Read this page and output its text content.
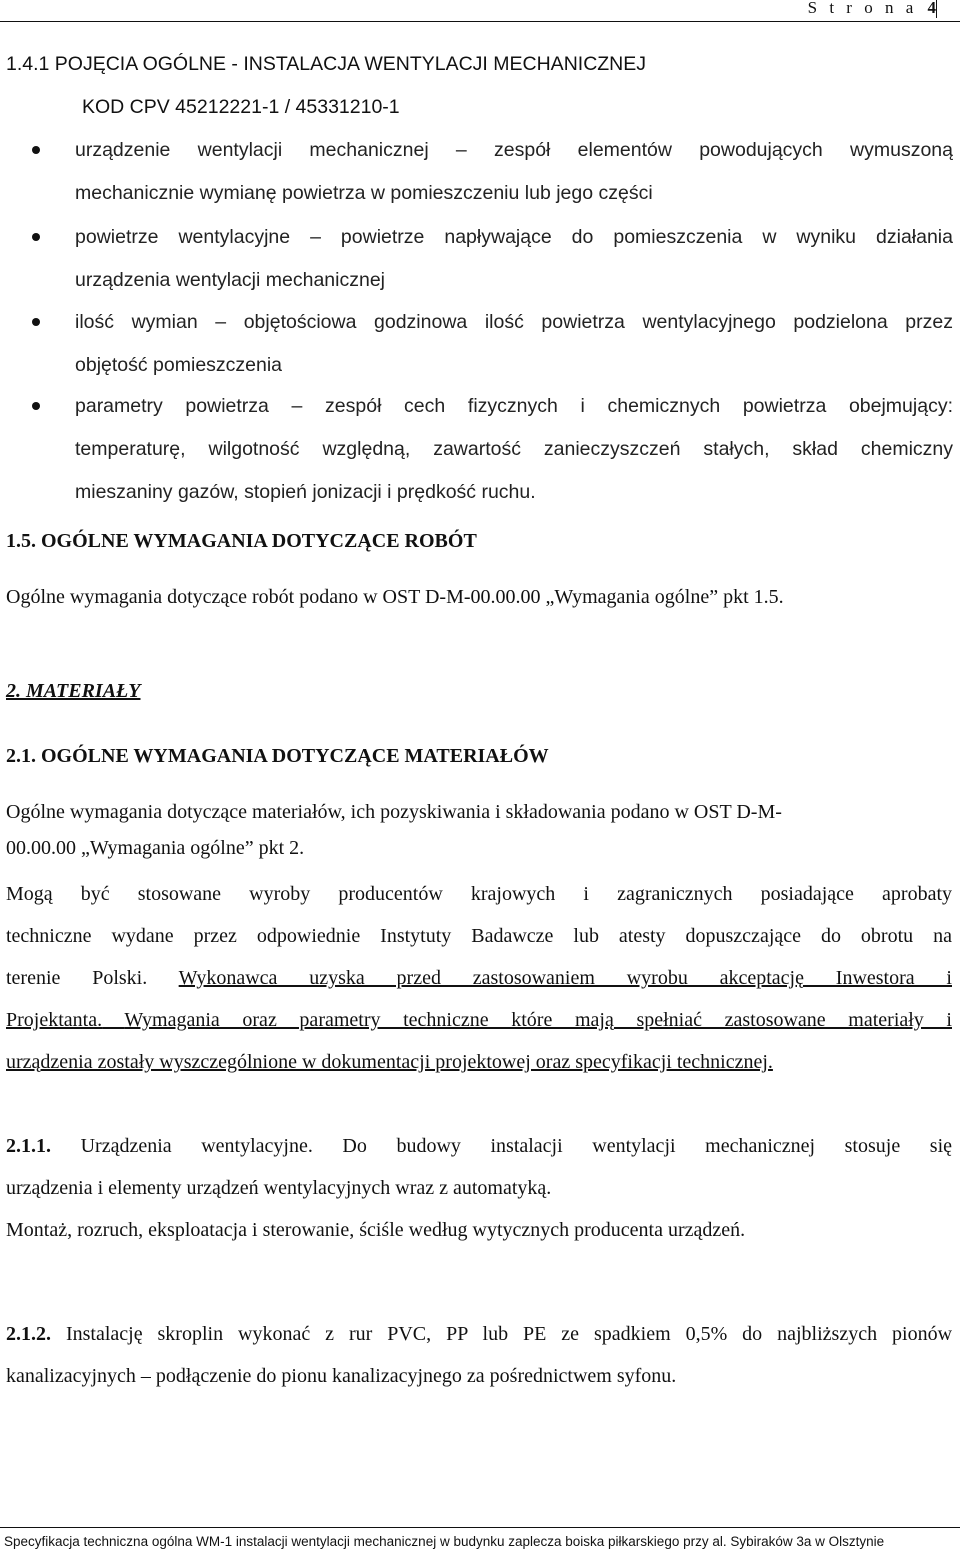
S t r o n a 4
1.4.1 POJĘCIA OGÓLNE - INSTALACJA WENTYLACJI MECHANICZNEJ
KOD CPV 45212221-1 / 45331210-1
urządzenie wentylacji mechanicznej – zespół elementów powodujących wymuszoną
mechanicznie wymianę powietrza w pomieszczeniu lub jego części
powietrze wentylacyjne – powietrze napływające do pomieszczenia w wyniku działania
urządzenia wentylacji mechanicznej
ilość wymian – objętościowa godzinowa ilość powietrza wentylacyjnego podzielona przez
objętość pomieszczenia
parametry powietrza – zespół cech fizycznych i chemicznych powietrza obejmujący:
temperaturę, wilgotność względną, zawartość zanieczyszczeń stałych, skład chemiczny
mieszaniny gazów, stopień jonizacji i prędkość ruchu.
1.5. OGÓLNE WYMAGANIA DOTYCZĄCE ROBÓT
Ogólne wymagania dotyczące robót podano w OST D-M-00.00.00 „Wymagania ogólne” pkt 1.5.
2. MATERIAŁY
2.1. OGÓLNE WYMAGANIA DOTYCZĄCE MATERIAŁÓW
Ogólne wymagania dotyczące materiałów, ich pozyskiwania i składowania podano w OST D-M-
00.00.00 „Wymagania ogólne” pkt 2.
Mogą być stosowane wyroby producentów krajowych i zagranicznych posiadające aprobaty
techniczne wydane przez odpowiednie Instytuty Badawcze lub atesty dopuszczające do obrotu na
terenie Polski. Wykonawca uzyska przed zastosowaniem wyrobu akceptację Inwestora i
Projektanta. Wymagania oraz parametry techniczne które mają spełniać zastosowane materiały i
urządzenia zostały wyszczególnione w dokumentacji projektowej oraz specyfikacji technicznej.
2.1.1. Urządzenia wentylacyjne. Do budowy instalacji wentylacji mechanicznej stosuje się
urządzenia i elementy urządzeń wentylacyjnych wraz z automatyką.
Montaż, rozruch, eksploatacja i sterowanie, ściśle według wytycznych producenta urządzeń.
2.1.2. Instalację skroplin wykonać z rur PVC, PP lub PE ze spadkiem 0,5% do najbliższych pionów
kanalizacyjnych – podłączenie do pionu kanalizacyjnego za pośrednictwem syfonu.
Specyfikacja techniczna ogólna WM-1 instalacji wentylacji mechanicznej w budynku zaplecza boiska piłkarskiego przy al. Sybiraków 3a w Olsztynie
